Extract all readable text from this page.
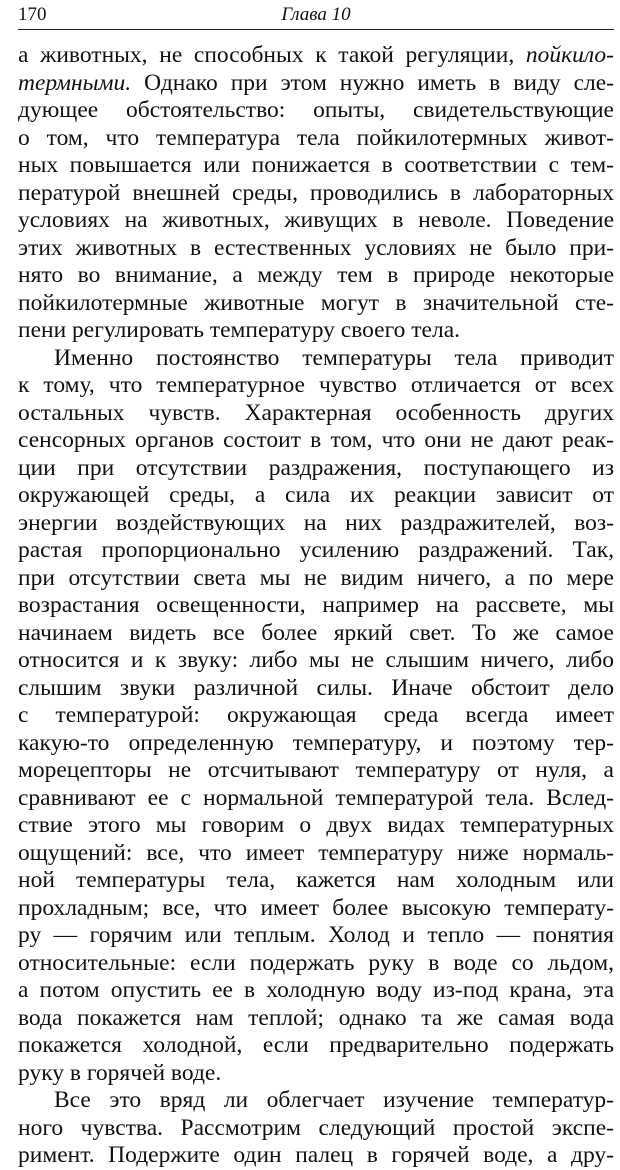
170	Глава 10
а животных, не способных к такой регуляции, пойкило-
термными. Однако при этом нужно иметь в виду сле-
дующее обстоятельство: опыты, свидетельствующие
о том, что температура тела пойкилотермных живот-
ных повышается или понижается в соответствии с тем-
пературой внешней среды, проводились в лабораторных
условиях на животных, живущих в неволе. Поведение
этих животных в естественных условиях не было при-
нято во внимание, а между тем в природе некоторые
пойкилотермные животные могут в значительной сте-
пени регулировать температуру своего тела.
Именно постоянство температуры тела приводит
к тому, что температурное чувство отличается от всех
остальных чувств. Характерная особенность других
сенсорных органов состоит в том, что они не дают реак-
ции при отсутствии раздражения, поступающего из
окружающей среды, а сила их реакции зависит от
энергии воздействующих на них раздражителей, воз-
растая пропорционально усилению раздражений. Так,
при отсутствии света мы не видим ничего, а по мере
возрастания освещенности, например на рассвете, мы
начинаем видеть все более яркий свет. То же самое
относится и к звуку: либо мы не слышим ничего, либо
слышим звуки различной силы. Иначе обстоит дело
с температурой: окружающая среда всегда имеет
какую-то определенную температуру, и поэтому тер-
морецепторы не отсчитывают температуру от нуля, а
сравнивают ее с нормальной температурой тела. Вслед-
ствие этого мы говорим о двух видах температурных
ощущений: все, что имеет температуру ниже нормаль-
ной температуры тела, кажется нам холодным или
прохладным; все, что имеет более высокую температу-
ру — горячим или теплым. Холод и тепло — понятия
относительные: если подержать руку в воде со льдом,
а потом опустить ее в холодную воду из-под крана, эта
вода покажется нам теплой; однако та же самая вода
покажется холодной, если предварительно подержать
руку в горячей воде.
Все это вряд ли облегчает изучение температур-
ного чувства. Рассмотрим следующий простой экспе-
римент. Подержите один палец в горячей воде, а дру-
